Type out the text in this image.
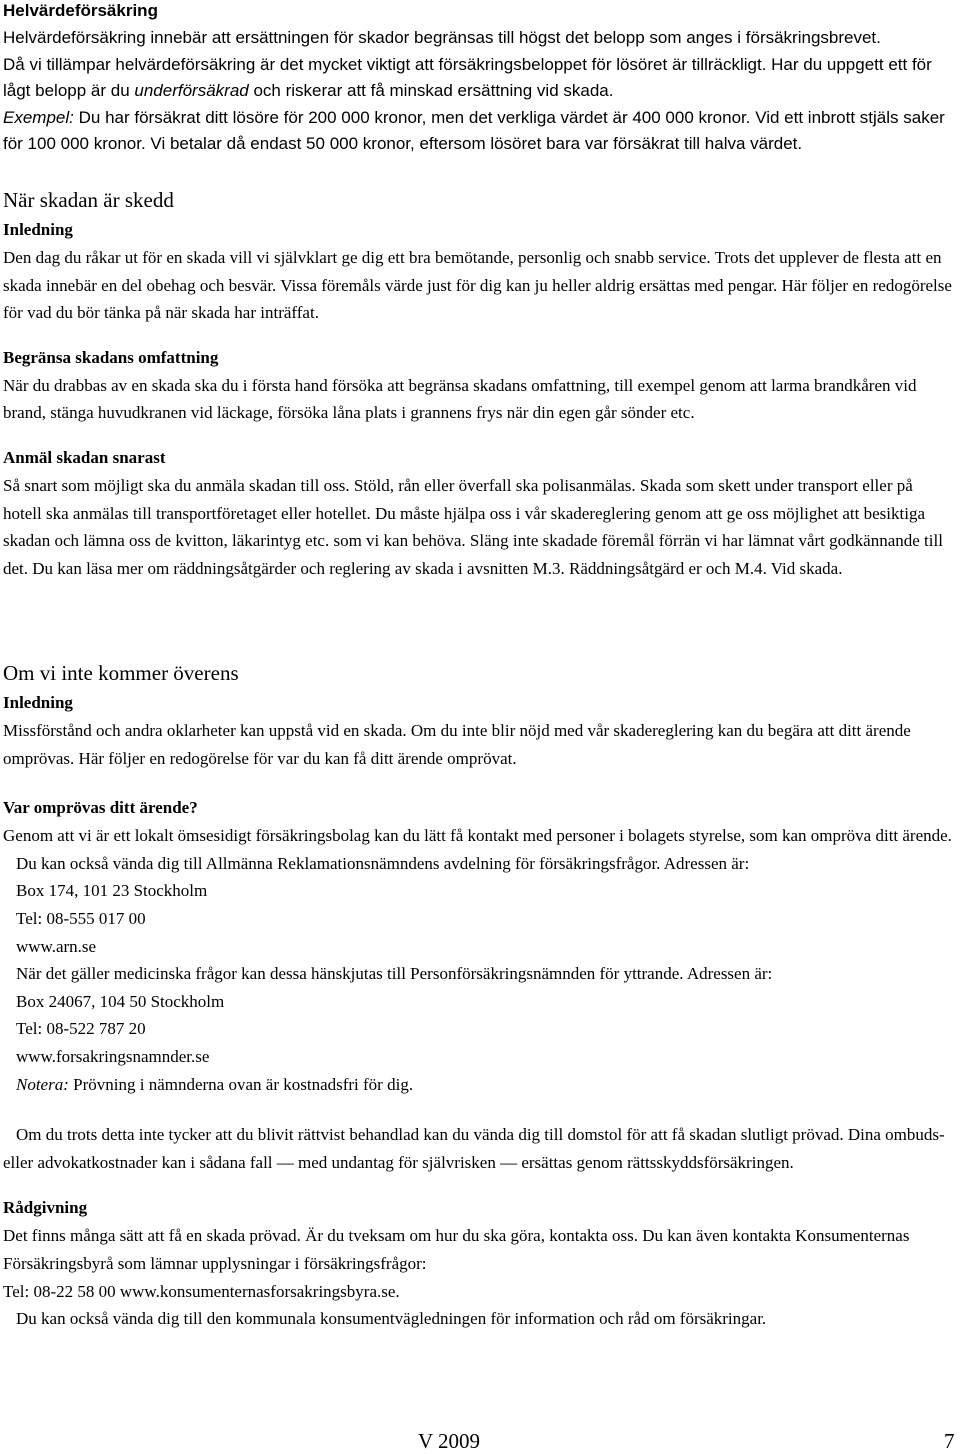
Helvärdeförsäkring

Helvärdeförsäkring innebär att ersättningen för skador begränsas till högst det belopp som anges i försäkringsbrevet.
Då vi tillämpar helvärdeförsäkring är det mycket viktigt att försäkringsbeloppet för lösöret är tillräckligt. Har du uppgett ett för lågt belopp är du underförsäkrad och riskerar att få minskad ersättning vid skada.

Exempel: Du har försäkrat ditt lösöre för 200 000 kronor, men det verkliga värdet är 400 000 kronor. Vid ett inbrott stjäls saker för 100 000 kronor. Vi betalar då endast 50 000 kronor, eftersom lösöret bara var försäkrat till halva värdet.

När skadan är skedd

Inledning

Den dag du råkar ut för en skada vill vi självklart ge dig ett bra bemötande, personlig och snabb service. Trots det upplever de flesta att en skada innebär en del obehag och besvär. Vissa föremåls värde just för dig kan ju heller aldrig ersättas med pengar. Här följer en redogörelse för vad du bör tänka på när skada har inträffat.

Begränsa skadans omfattning

När du drabbas av en skada ska du i första hand försöka att begränsa skadans omfattning, till exempel genom att larma brandkåren vid brand, stänga huvudkranen vid läckage, försöka låna plats i grannens frys när din egen går sönder etc.

Anmäl skadan snarast

Så snart som möjligt ska du anmäla skadan till oss. Stöld, rån eller överfall ska polisanmälas. Skada som skett under transport eller på hotell ska anmälas till transportföretaget eller hotellet. Du måste hjälpa oss i vår skadereglering genom att ge oss möjlighet att besiktiga skadan och lämna oss de kvitton, läkarintyg etc. som vi kan behöva. Släng inte skadade föremål förrän vi har lämnat vårt godkännande till det. Du kan läsa mer om räddningsåtgärder och reglering av skada i avsnitten M.3. Räddningsåtgärd er och M.4. Vid skada.

Om vi inte kommer överens

Inledning

Missförstånd och andra oklarheter kan uppstå vid en skada. Om du inte blir nöjd med vår skadereglering kan du begära att ditt ärende omprövas. Här följer en redogörelse för var du kan få ditt ärende omprövat.

Var omprövas ditt ärende?

Genom att vi är ett lokalt ömsesidigt försäkringsbolag kan du lätt få kontakt med personer i bolagets styrelse, som kan ompröva ditt ärende.

Du kan också vända dig till Allmänna Reklamationsnämndens avdelning för försäkringsfrågor. Adressen är:
Box 174, 101 23 Stockholm
Tel: 08-555 017 00
www.arn.se
När det gäller medicinska frågor kan dessa hänskjutas till Personförsäkringsnämnden för yttrande. Adressen är:
Box 24067, 104 50 Stockholm
Tel: 08-522 787 20
www.forsakringsnamnder.se
Notera: Prövning i nämnderna ovan är kostnadsfri för dig.

Om du trots detta inte tycker att du blivit rättvist behandlad kan du vända dig till domstol för att få skadan slutligt prövad. Dina ombuds- eller advokatkostnader kan i sådana fall — med undantag för självrisken — ersättas genom rättsskyddsförsäkringen.

Rådgivning

Det finns många sätt att få en skada prövad. Är du tveksam om hur du ska göra, kontakta oss. Du kan även kontakta Konsumenternas Försäkringsbyrå som lämnar upplysningar i försäkringsfrågor:

Tel: 08-22 58 00 www.konsumenternasforsakringsbyra.se.

Du kan också vända dig till den kommunala konsumentvägledningen för information och råd om försäkringar.

V 2009	7
